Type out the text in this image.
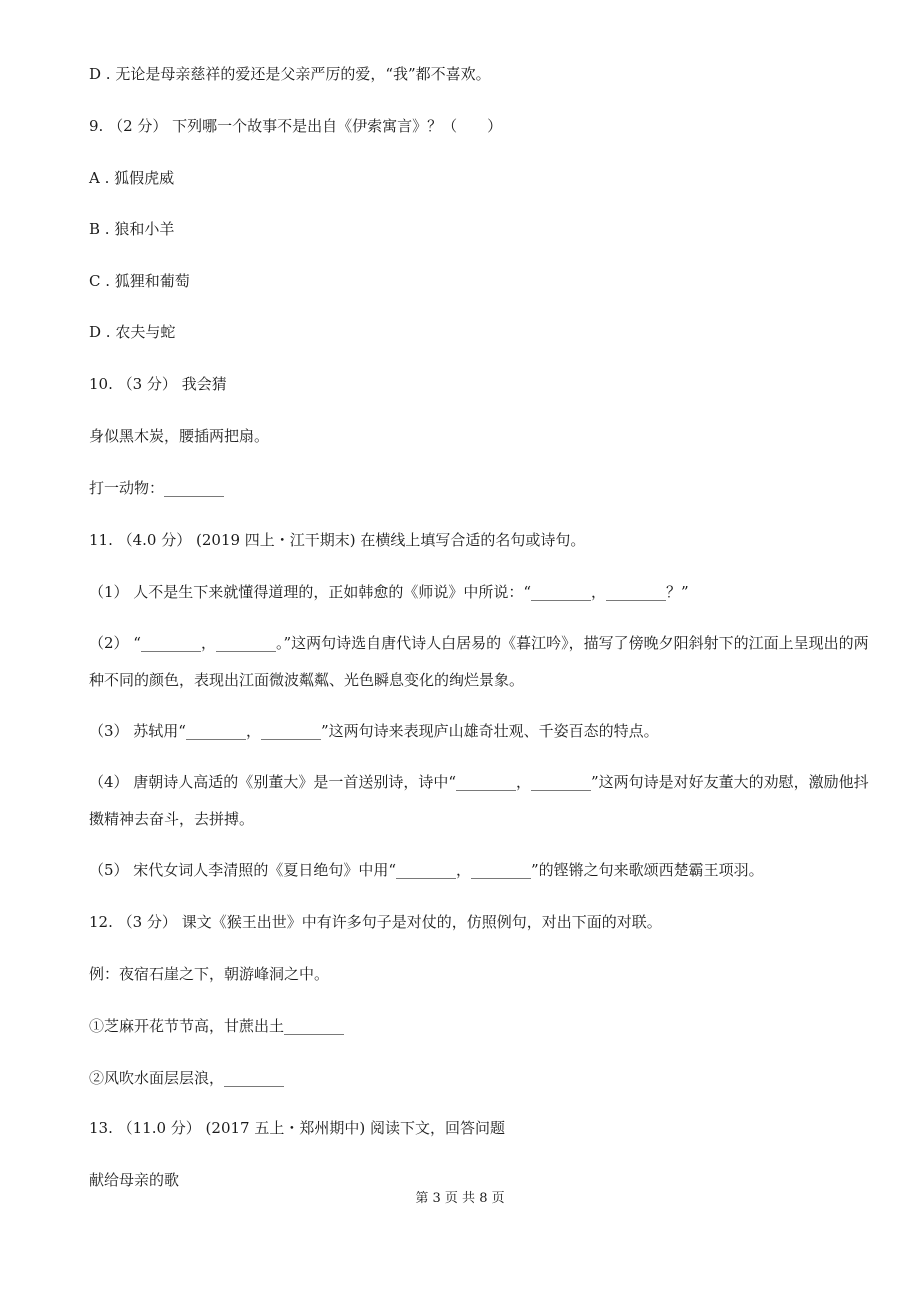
D . 无论是母亲慈祥的爱还是父亲严厉的爱，“我”都不喜欢。
9. （2 分） 下列哪一个故事不是出自《伊索寓言》？（　　）
A . 狐假虎威
B . 狼和小羊
C . 狐狸和葡萄
D . 农夫与蛇
10. （3 分） 我会猜
身似黑木炭，腰插两把扇。
打一动物：________
11. （4.0 分） (2019 四上・江干期末) 在横线上填写合适的名句或诗句。
（1） 人不是生下来就懂得道理的，正如韩愈的《师说》中所说：“________，________？”
（2） “________，________。”这两句诗选自唐代诗人白居易的《暮江吟》，描写了傍晚夕阳斜射下的江面上呈现出的两种不同的颜色，表现出江面微波粼粼、光色瞬息变化的绚烂景象。
（3） 苏轼用“________，________”这两句诗来表现庐山雄奇壮观、千姿百态的特点。
（4） 唐朝诗人高适的《别董大》是一首送别诗，诗中“________，________”这两句诗是对好友董大的劝慰，激励他抖擞精神去奋斗，去拼搏。
（5） 宋代女词人李清照的《夏日绝句》中用“________，________”的铿锵之句来歌颂西楚霸王项羽。
12. （3 分） 课文《猴王出世》中有许多句子是对仗的，仿照例句，对出下面的对联。
例：夜宿石崖之下，朝游峰洞之中。
①芝麻开花节节高，甘蔗出土________
②风吹水面层层浪，________
13. （11.0 分） (2017 五上・郑州期中) 阅读下文，回答问题
献给母亲的歌
第 3 页 共 8 页
